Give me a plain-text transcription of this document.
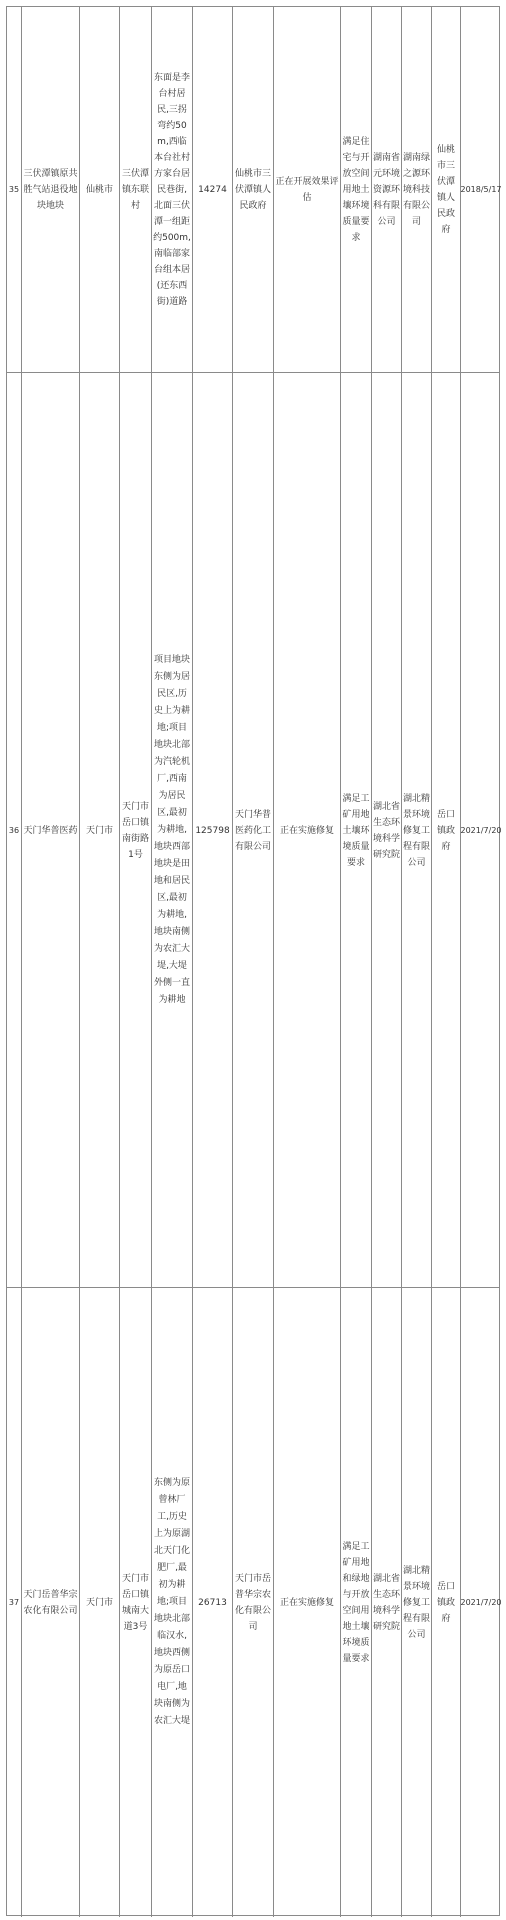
35
三伏潭镇原共胜气站退役地块地块
仙桃市
三伏潭镇东联村
东面是李台村居民,三拐弯约50m,西临本台社村方家台居民巷街,北面三伏潭一组距约500m,南临部家台组本居(还东西街)道路
14274
仙桃市三伏潭镇人民政府
正在开展效果评估
满足住宅与开放空间用地土壤环境质量要求
湖南省元环境资源环科有限公司
湖南绿之源环境科技有限公司
仙桃市三伏潭镇人民政府
2018/5/17
36 天门华普医药 天门市
天门市岳口镇南街路1号
项目地块东侧为居民区,历史上为耕地;项目地块北部为汽轮机厂,西南为居民区,最初为耕地,地块西部地块是田地和居民区,最初为耕地,地块南侧为农汇大堤,大堤外侧一直为耕地
125798
天门华普医药化工有限公司
正在实施修复
满足工矿用地土壤环境质量要求
湖北省生态环境科学研究院
湖北精景环境修复工程有限公司
岳口镇政府
2021/7/20
37
天门岳普华宗农化有限公司
天门市
天门市岳口镇城南大道3号
东侧为原曾林厂工,历史上为原湖北天门化肥厂,最初为耕地;项目地块北部临汉水,地块西侧为原岳口电厂,地块南侧为农汇大堤
26713
天门市岳普华宗农化有限公司
正在实施修复
满足工矿用地和绿地与开放空间用地土壤环境质量要求
湖北省生态环境科学研究院
湖北精景环境修复工程有限公司
岳口镇政府
2021/7/20
